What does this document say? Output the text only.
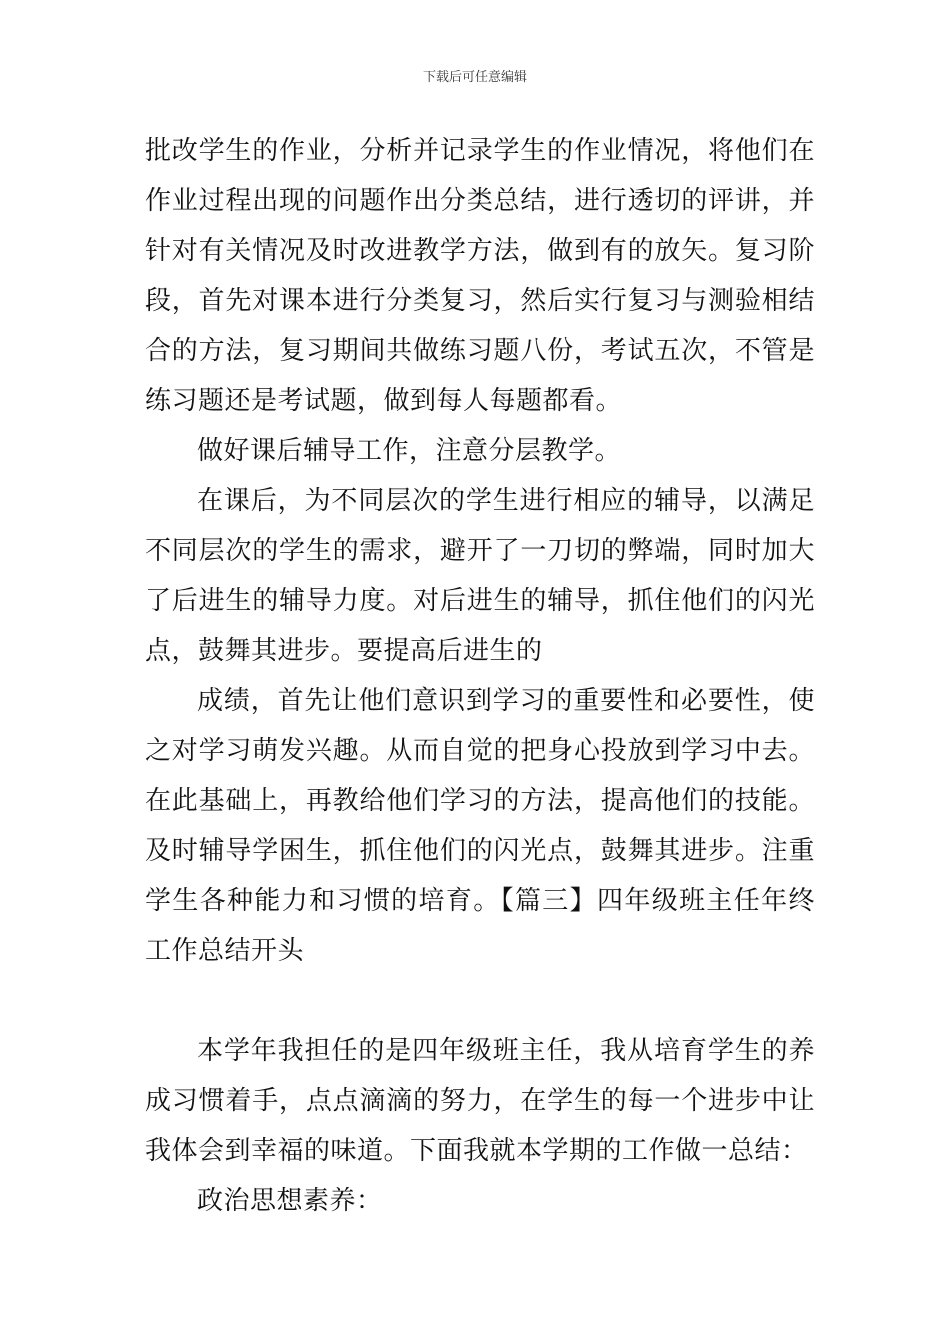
下载后可任意编辑

批改学生的作业，分析并记录学生的作业情况，将他们在作业过程出现的问题作出分类总结，进行透切的评讲，并针对有关情况及时改进教学方法，做到有的放矢。复习阶段，首先对课本进行分类复习，然后实行复习与测验相结合的方法，复习期间共做练习题八份，考试五次，不管是练习题还是考试题，做到每人每题都看。

做好课后辅导工作，注意分层教学。

在课后，为不同层次的学生进行相应的辅导，以满足不同层次的学生的需求，避开了一刀切的弊端，同时加大了后进生的辅导力度。对后进生的辅导，抓住他们的闪光点，鼓舞其进步。要提高后进生的

成绩，首先让他们意识到学习的重要性和必要性，使之对学习萌发兴趣。从而自觉的把身心投放到学习中去。在此基础上，再教给他们学习的方法，提高他们的技能。及时辅导学困生，抓住他们的闪光点，鼓舞其进步。注重学生各种能力和习惯的培育。【篇三】四年级班主任年终工作总结开头

本学年我担任的是四年级班主任，我从培育学生的养成习惯着手，点点滴滴的努力，在学生的每一个进步中让我体会到幸福的味道。下面我就本学期的工作做一总结：

政治思想素养：
